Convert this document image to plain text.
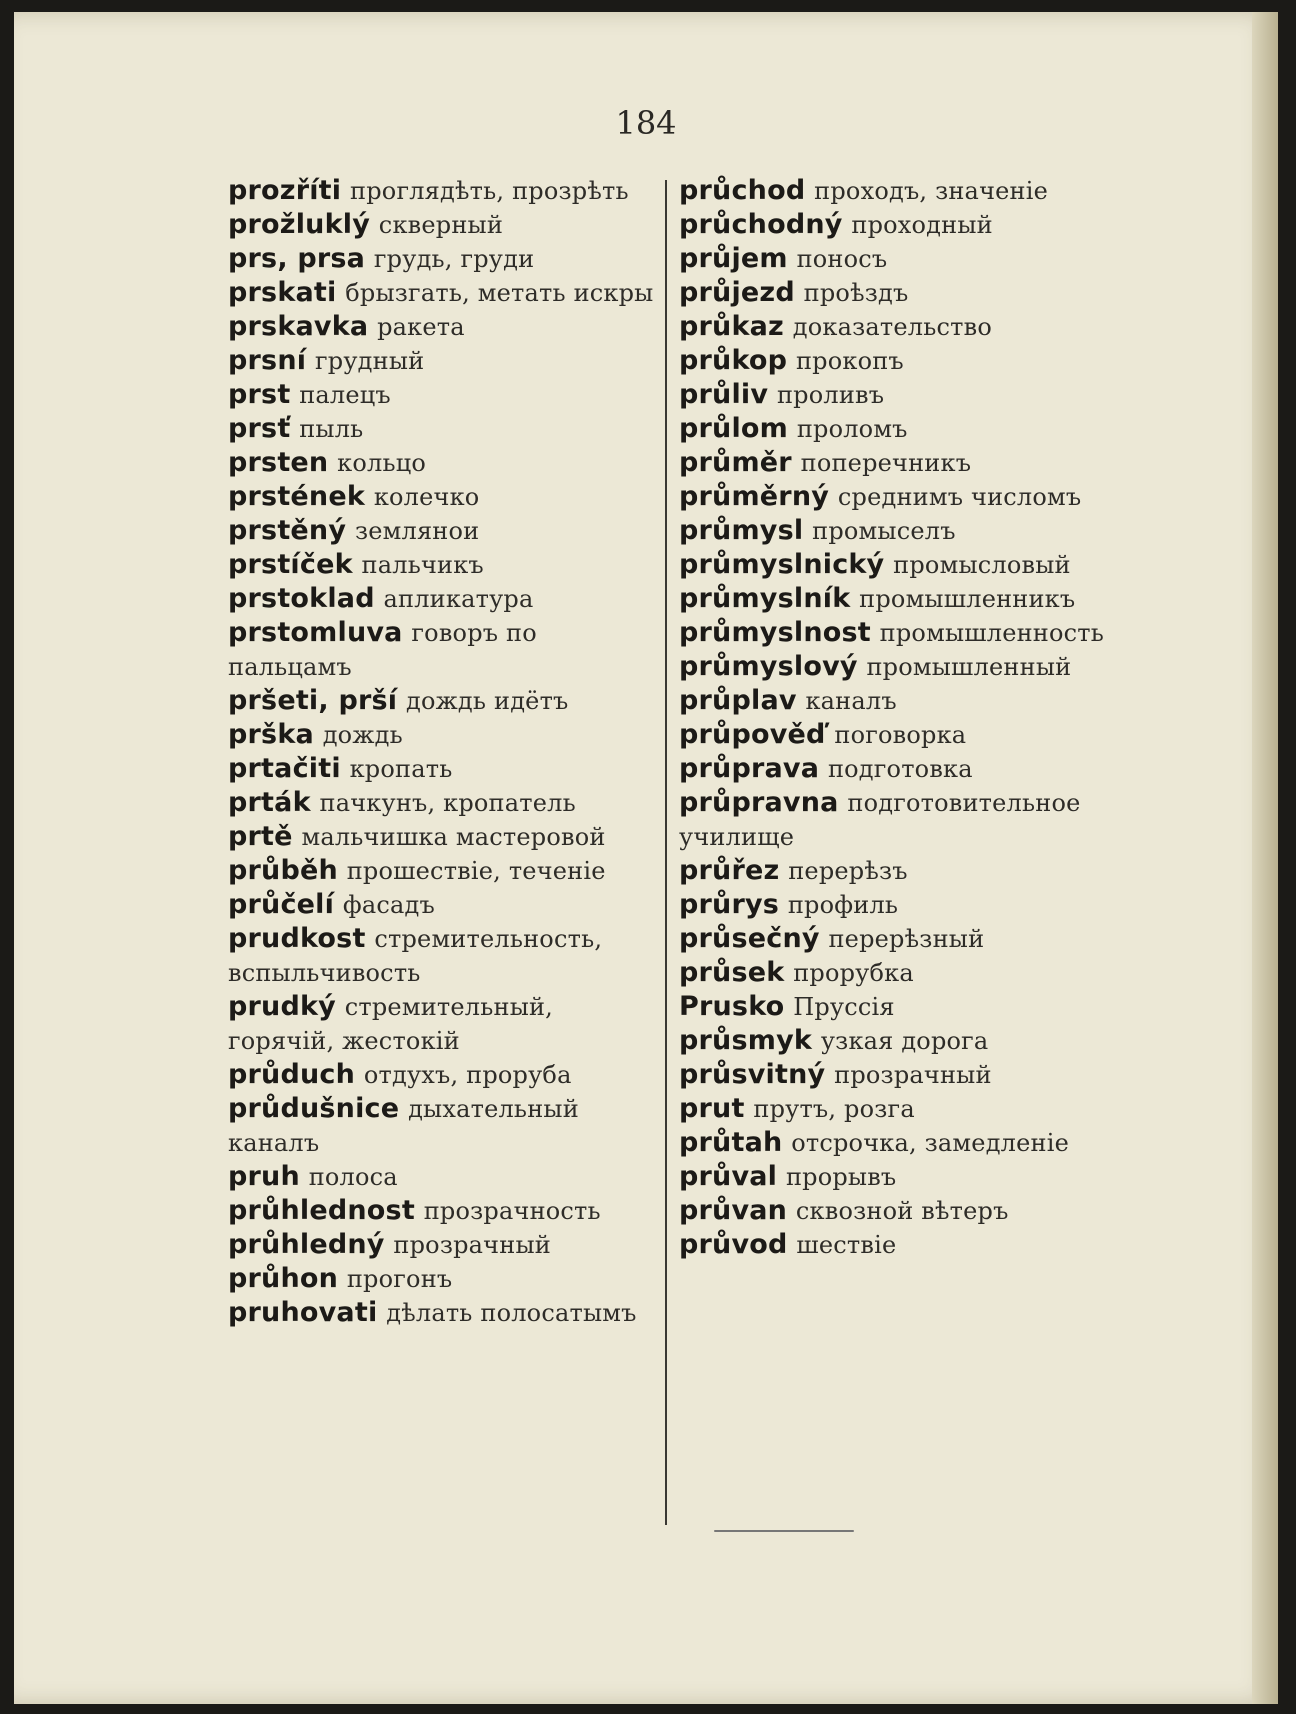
184
prozříti проглядѣть, прозрѣть
prožluklý скверный
prs, prsa грудь, груди
prskati брызгать, метать искры
prskavka ракета
prsní грудный
prst палецъ
prsť пыль
prsten кольцо
prstének колечко
prstěný землянои
prstíček пальчикъ
prstoklad апликатура
prstomluva говоръ по пальцамъ
pršeti, prší дождь идётъ
prška дождь
prtačiti кропать
prták пачкунъ, кропатель
prtě мальчишка мастеровой
průběh прошествіе, теченіе
průčelí фасадъ
prudkost стремительность, вспыльчивость
prudký стремительный, горячій, жестокій
průduch отдухъ, проруба
průdušnice дыхательный каналъ
pruh полоса
průhlednost прозрачность
průhledný прозрачный
průhon прогонъ
pruhovati дѣлать полосатымъ
průchod проходъ, значеніе
průchodný проходный
průjem поносъ
průjezd проѣздъ
průkaz доказательство
průkop прокопъ
průliv проливъ
průlom проломъ
průměr поперечникъ
průměrný среднимъ числомъ
průmysl промыселъ
průmyslnický промысловый
průmyslník промышленникъ
průmyslnost промышленность
průmyslový промышленный
průplav каналъ
průpověď поговорка
průprava подготовка
průpravna подготовительное училище
průřez перерѣзъ
průrys профиль
průsečný перерѣзный
průsek прорубка
Prusko Пруссія
průsmyk узкая дорога
průsvitný прозрачный
prut прутъ, розга
průtah отсрочка, замедленіе
průval прорывъ
průvan сквозной вѣтеръ
průvod шествіе
